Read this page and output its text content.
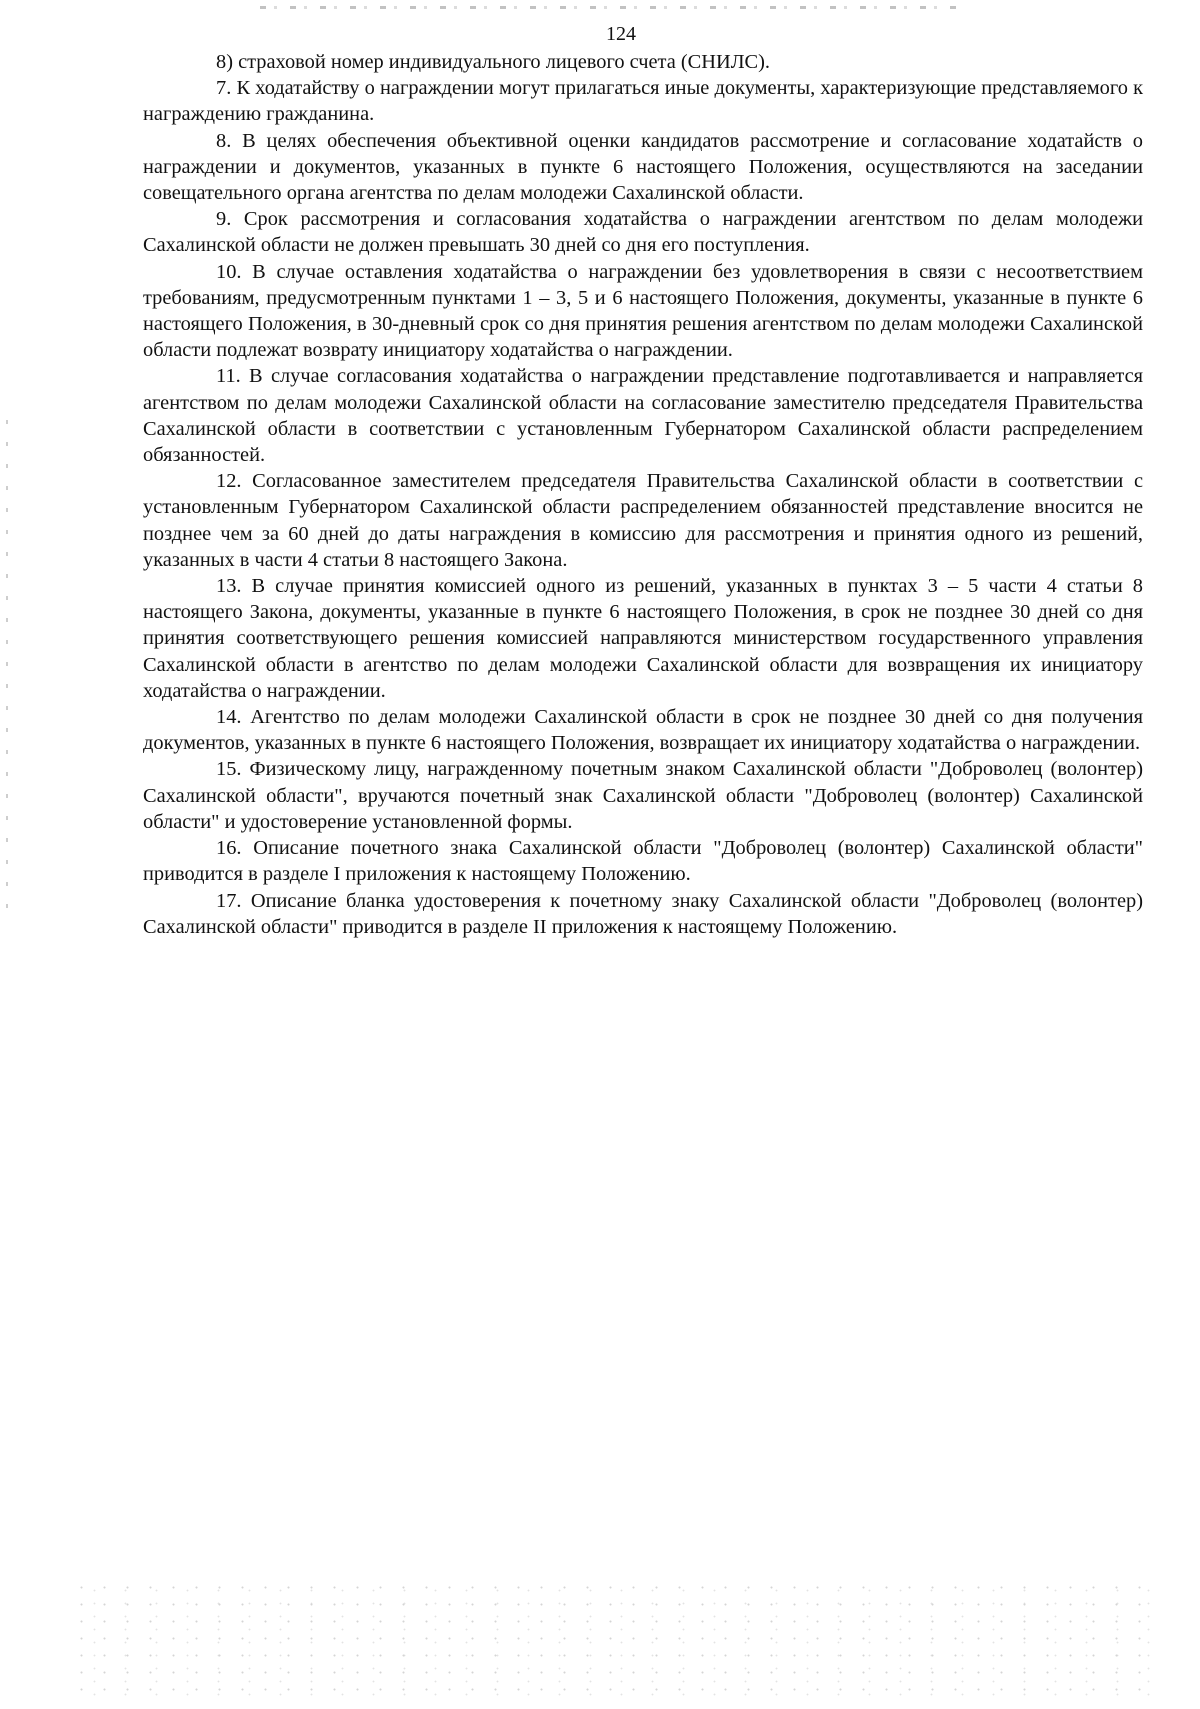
124

8) страховой номер индивидуального лицевого счета (СНИЛС).

7. К ходатайству о награждении могут прилагаться иные документы, характеризующие представляемого к награждению гражданина.

8. В целях обеспечения объективной оценки кандидатов рассмотрение и согласование ходатайств о награждении и документов, указанных в пункте 6 настоящего Положения, осуществляются на заседании совещательного органа агентства по делам молодежи Сахалинской области.

9. Срок рассмотрения и согласования ходатайства о награждении агентством по делам молодежи Сахалинской области не должен превышать 30 дней со дня его поступления.

10. В случае оставления ходатайства о награждении без удовлетворения в связи с несоответствием требованиям, предусмотренным пунктами 1 – 3, 5 и 6 настоящего Положения, документы, указанные в пункте 6 настоящего Положения, в 30-дневный срок со дня принятия решения агентством по делам молодежи Сахалинской области подлежат возврату инициатору ходатайства о награждении.

11. В случае согласования ходатайства о награждении представление подготавливается и направляется агентством по делам молодежи Сахалинской области на согласование заместителю председателя Правительства Сахалинской области в соответствии с установленным Губернатором Сахалинской области распределением обязанностей.

12. Согласованное заместителем председателя Правительства Сахалинской области в соответствии с установленным Губернатором Сахалинской области распределением обязанностей представление вносится не позднее чем за 60 дней до даты награждения в комиссию для рассмотрения и принятия одного из решений, указанных в части 4 статьи 8 настоящего Закона.

13. В случае принятия комиссией одного из решений, указанных в пунктах 3 – 5 части 4 статьи 8 настоящего Закона, документы, указанные в пункте 6 настоящего Положения, в срок не позднее 30 дней со дня принятия соответствующего решения комиссией направляются министерством государственного управления Сахалинской области в агентство по делам молодежи Сахалинской области для возвращения их инициатору ходатайства о награждении.

14. Агентство по делам молодежи Сахалинской области в срок не позднее 30 дней со дня получения документов, указанных в пункте 6 настоящего Положения, возвращает их инициатору ходатайства о награждении.

15. Физическому лицу, награжденному почетным знаком Сахалинской области "Доброволец (волонтер) Сахалинской области", вручаются почетный знак Сахалинской области "Доброволец (волонтер) Сахалинской области" и удостоверение установленной формы.

16. Описание почетного знака Сахалинской области "Доброволец (волонтер) Сахалинской области" приводится в разделе I приложения к настоящему Положению.

17. Описание бланка удостоверения к почетному знаку Сахалинской области "Доброволец (волонтер) Сахалинской области" приводится в разделе II приложения к настоящему Положению.
